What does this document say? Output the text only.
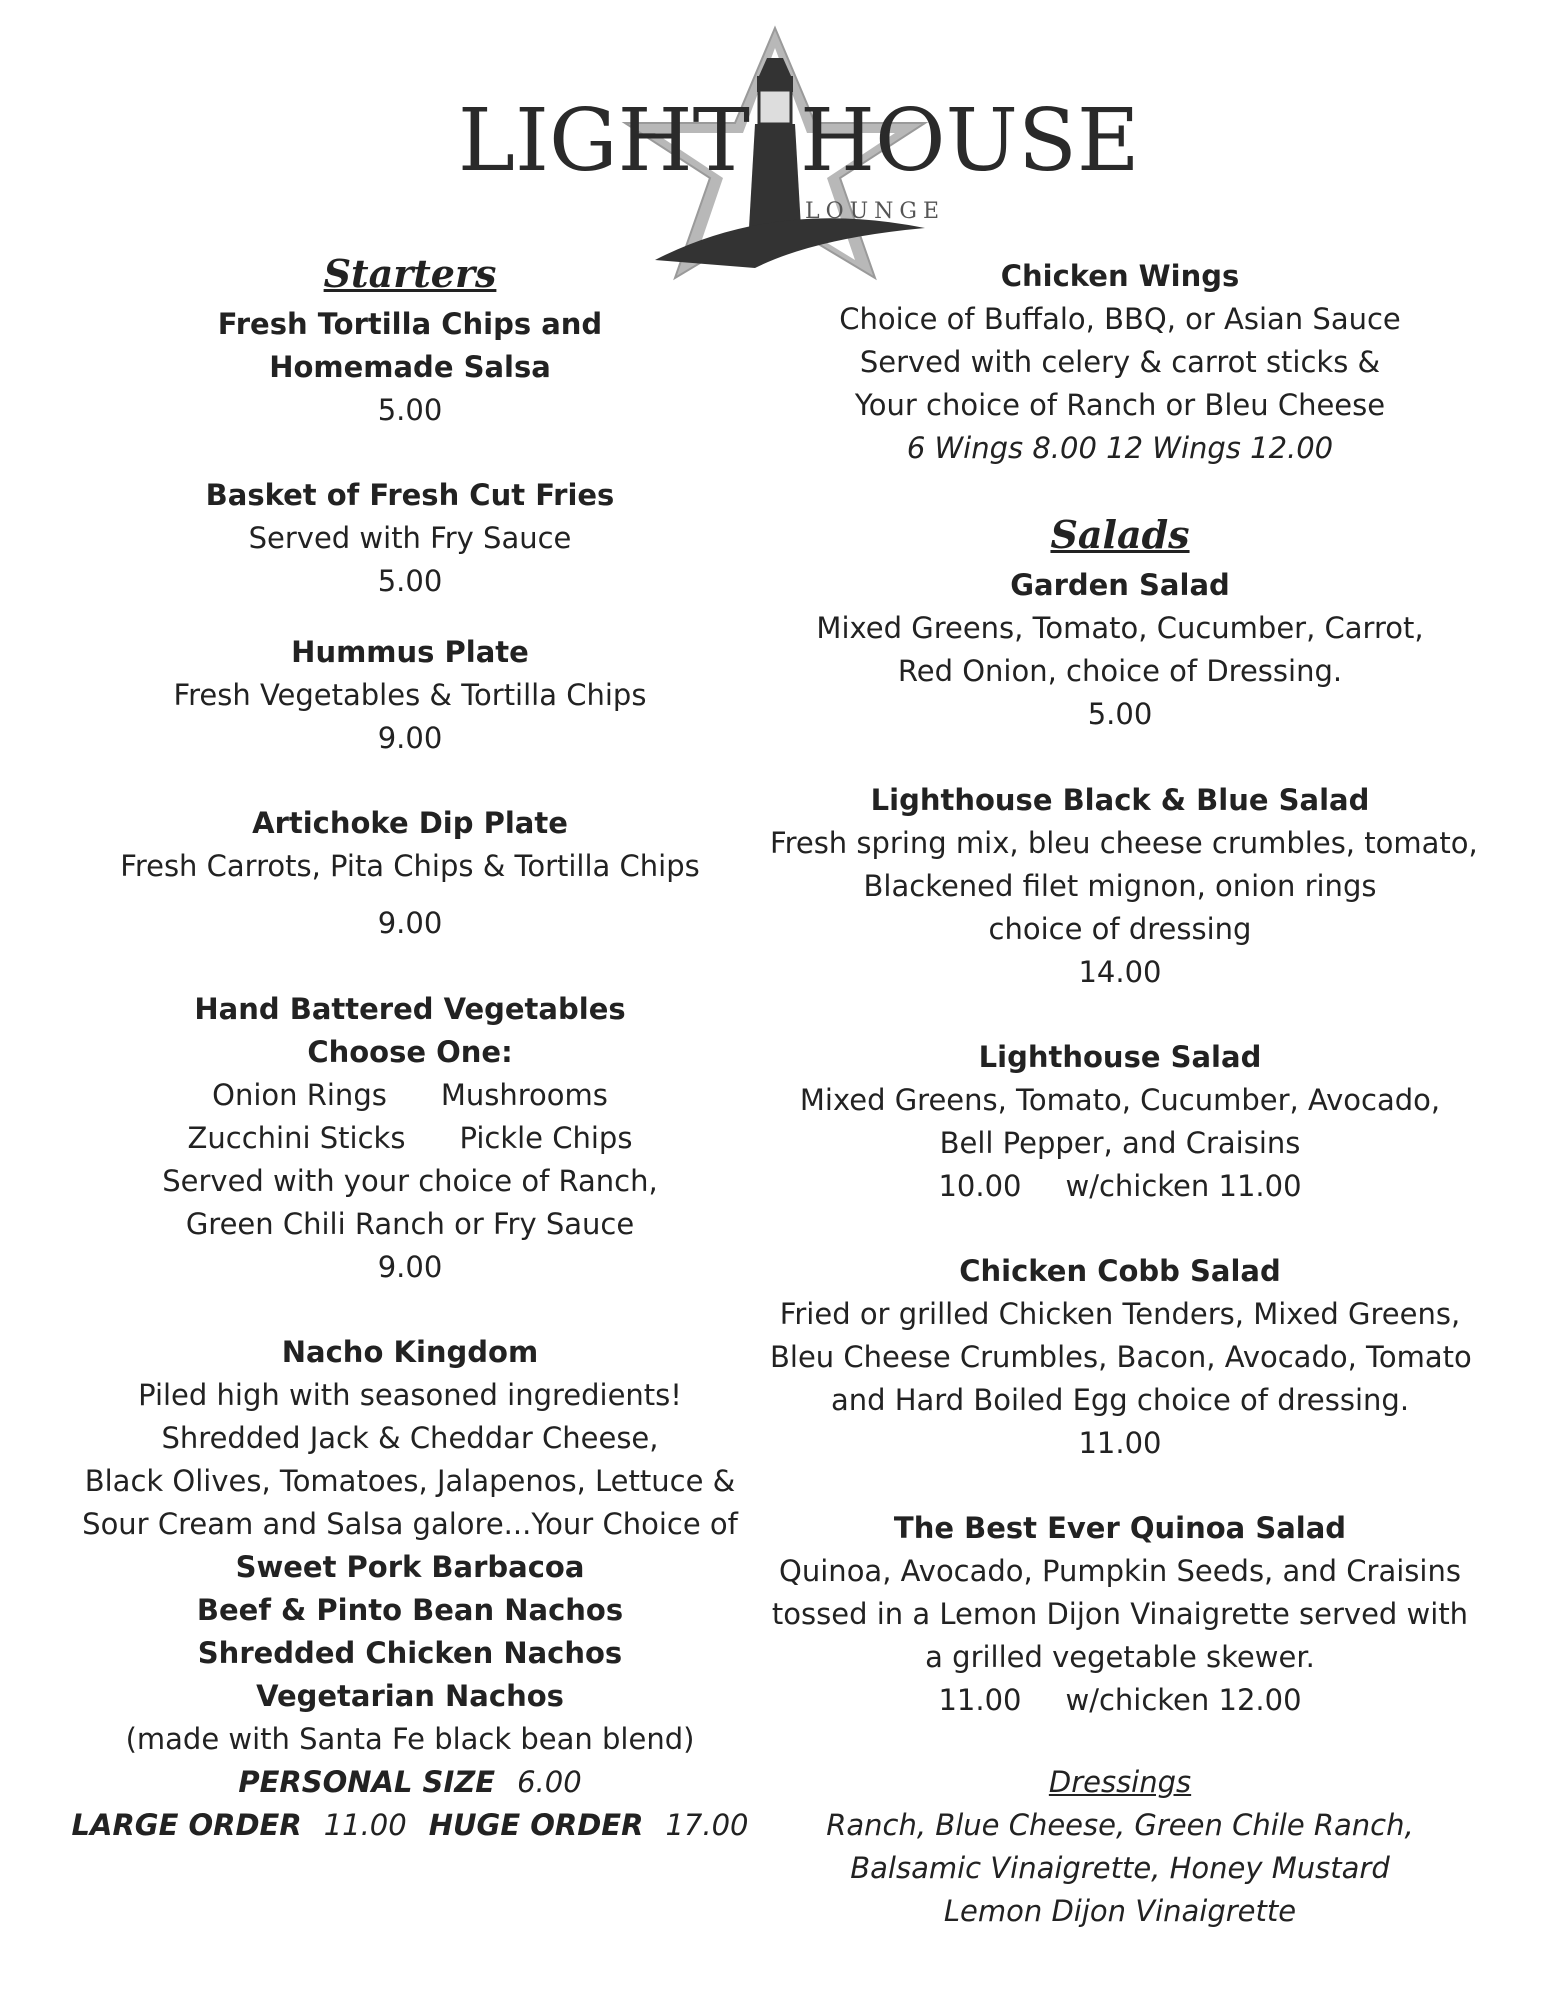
LIGHT HOUSE
LOUNGE
Starters
Fresh Tortilla Chips and
Homemade Salsa
5.00
Basket of Fresh Cut Fries
Served with Fry Sauce
5.00
Hummus Plate
Fresh Vegetables & Tortilla Chips
9.00
Artichoke Dip Plate
Fresh Carrots, Pita Chips & Tortilla Chips
9.00
Hand Battered Vegetables
Choose One:
Onion Rings Mushrooms
Zucchini Sticks Pickle Chips
Served with your choice of Ranch,
Green Chili Ranch or Fry Sauce
9.00
Nacho Kingdom
Piled high with seasoned ingredients!
Shredded Jack & Cheddar Cheese,
Black Olives, Tomatoes, Jalapenos, Lettuce &
Sour Cream and Salsa galore...Your Choice of
Sweet Pork Barbacoa
Beef & Pinto Bean Nachos
Shredded Chicken Nachos
Vegetarian Nachos
(made with Santa Fe black bean blend)
PERSONAL SIZE 6.00
LARGE ORDER 11.00 HUGE ORDER 17.00
Chicken Wings
Choice of Buffalo, BBQ, or Asian Sauce
Served with celery & carrot sticks &
Your choice of Ranch or Bleu Cheese
6 Wings 8.00 12 Wings 12.00
Salads
Garden Salad
Mixed Greens, Tomato, Cucumber, Carrot,
Red Onion, choice of Dressing.
5.00
Lighthouse Black & Blue Salad
Fresh spring mix, bleu cheese crumbles, tomato,
Blackened filet mignon, onion rings
choice of dressing
14.00
Lighthouse Salad
Mixed Greens, Tomato, Cucumber, Avocado,
Bell Pepper, and Craisins
10.00 w/chicken 11.00
Chicken Cobb Salad
Fried or grilled Chicken Tenders, Mixed Greens,
Bleu Cheese Crumbles, Bacon, Avocado, Tomato
and Hard Boiled Egg choice of dressing.
11.00
The Best Ever Quinoa Salad
Quinoa, Avocado, Pumpkin Seeds, and Craisins
tossed in a Lemon Dijon Vinaigrette served with
a grilled vegetable skewer.
11.00 w/chicken 12.00
Dressings
Ranch, Blue Cheese, Green Chile Ranch,
Balsamic Vinaigrette, Honey Mustard
Lemon Dijon Vinaigrette
